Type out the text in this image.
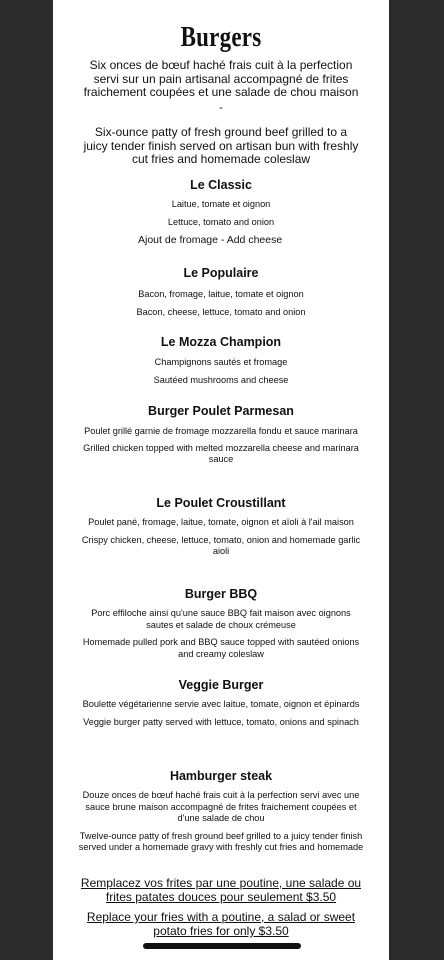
Burgers
Six onces de bœuf haché frais cuit à la perfection servi sur un pain artisanal accompagné de frites fraichement coupées et une salade de chou maison
-
Six-ounce patty of fresh ground beef grilled to a juicy tender finish served on artisan bun with freshly cut fries and homemade coleslaw
Le Classic
Laitue, tomate et oignon
Lettuce, tomato and onion
Ajout de fromage - Add cheese
Le Populaire
Bacon, fromage, laitue, tomate et oignon
Bacon, cheese, lettuce, tomato and onion
Le Mozza Champion
Champignons sautés et fromage
Sautéed mushrooms and cheese
Burger Poulet Parmesan
Poulet grillé garnie de fromage mozzarella fondu et sauce marinara
Grilled chicken topped with melted mozzarella cheese and marinara sauce
Le Poulet Croustillant
Poulet pané, fromage, laitue, tomate, oignon et aïoli à l'ail maison
Crispy chicken, cheese, lettuce, tomato, onion and homemade garlic aioli
Burger BBQ
Porc effiloche ainsi qu'une sauce BBQ fait maison avec oignons sautes et salade de choux crémeuse
Homemade pulled pork and BBQ sauce topped with sautéed onions and creamy coleslaw
Veggie Burger
Boulette végétarienne servie avec laitue, tomate, oignon et épinards
Veggie burger patty served with lettuce, tomato, onions and spinach
Hamburger steak
Douze onces de bœuf haché frais cuit à la perfection servi avec une sauce brune maison accompagné de frites fraichement coupées et d'une salade de chou
Twelve-ounce patty of fresh ground beef grilled to a juicy tender finish served under a homemade gravy with freshly cut fries and homemade
Remplacez vos frites par une poutine, une salade ou frites patates douces pour seulement $3.50
Replace your fries with a poutine, a salad or sweet potato fries for only $3.50
